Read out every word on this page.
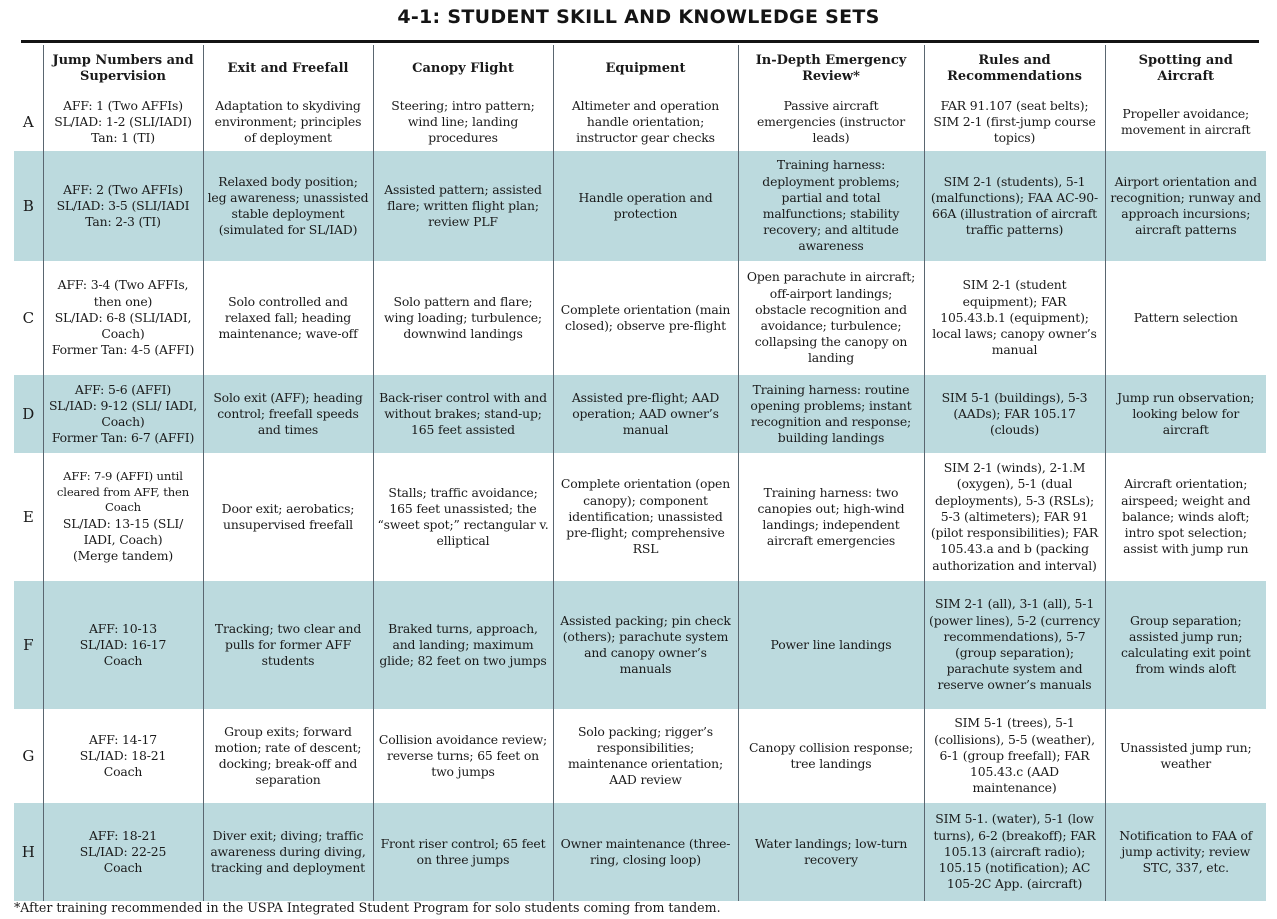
4-1: STUDENT SKILL AND KNOWLEDGE SETS
	Jump Numbers and Supervision	Exit and Freefall	Canopy Flight	Equipment	In-Depth Emergency Review*	Rules and Recommendations	Spotting and Aircraft
A	AFF: 1 (Two AFFIs)
SL/IAD: 1-2 (SLI/IADI)
Tan: 1 (TI)	Adaptation to skydiving environment; principles of deployment	Steering; intro pattern; wind line; landing procedures	Altimeter and operation handle orientation; instructor gear checks	Passive aircraft emergencies (instructor leads)	FAR 91.107 (seat belts); SIM 2-1 (first-jump course topics)	Propeller avoidance; movement in aircraft
B	AFF: 2 (Two AFFIs)
SL/IAD: 3-5 (SLI/IADI
Tan: 2-3 (TI)	Relaxed body position; leg awareness; unassisted stable deployment (simulated for SL/IAD)	Assisted pattern; assisted flare; written flight plan; review PLF	Handle operation and protection	Training harness: deployment problems; partial and total malfunctions; stability recovery; and altitude awareness	SIM 2-1 (students), 5-1 (malfunctions); FAA AC-90-66A (illustration of aircraft traffic patterns)	Airport orientation and recognition; runway and approach incursions; aircraft patterns
C	AFF: 3-4 (Two AFFIs, then one)
SL/IAD: 6-8 (SLI/IADI, Coach)
Former Tan: 4-5 (AFFI)	Solo controlled and relaxed fall; heading maintenance; wave-off	Solo pattern and flare; wing loading; turbulence; downwind landings	Complete orientation (main closed); observe pre-flight	Open parachute in aircraft; off-airport landings; obstacle recognition and avoidance; turbulence; collapsing the canopy on landing	SIM 2-1 (student equipment); FAR 105.43.b.1 (equipment); local laws; canopy owner’s manual	Pattern selection
D	AFF: 5-6 (AFFI)
SL/IAD: 9-12 (SLI/ IADI, Coach)
Former Tan: 6-7 (AFFI)	Solo exit (AFF); heading control; freefall speeds and times	Back-riser control with and without brakes; stand-up; 165 feet assisted	Assisted pre-flight; AAD operation; AAD owner’s manual	Training harness: routine opening problems; instant recognition and response; building landings	SIM 5-1 (buildings), 5-3 (AADs); FAR 105.17 (clouds)	Jump run observation; looking below for aircraft
E	AFF: 7-9 (AFFI) until cleared from AFF, then Coach
SL/IAD: 13-15 (SLI/ IADI, Coach)
(Merge tandem)	Door exit; aerobatics; unsupervised freefall	Stalls; traffic avoidance; 165 feet unassisted; the “sweet spot;” rectangular v. elliptical	Complete orientation (open canopy); component identification; unassisted pre-flight; comprehensive RSL	Training harness: two canopies out; high-wind landings; independent aircraft emergencies	SIM 2-1 (winds), 2-1.M (oxygen), 5-1 (dual deployments), 5-3 (RSLs); 5-3 (altimeters); FAR 91 (pilot responsibilities); FAR 105.43.a and b (packing authorization and interval)	Aircraft orientation; airspeed; weight and balance; winds aloft; intro spot selection; assist with jump run
F	AFF: 10-13
SL/IAD: 16-17
Coach	Tracking; two clear and pulls for former AFF students	Braked turns, approach, and landing; maximum glide; 82 feet on two jumps	Assisted packing; pin check (others); parachute system and canopy owner’s manuals	Power line landings	SIM 2-1 (all), 3-1 (all), 5-1 (power lines), 5-2 (currency recommendations), 5-7 (group separation); parachute system and reserve owner’s manuals	Group separation; assisted jump run; calculating exit point from winds aloft
G	AFF: 14-17
SL/IAD: 18-21
Coach	Group exits; forward motion; rate of descent; docking; break-off and separation	Collision avoidance review; reverse turns; 65 feet on two jumps	Solo packing; rigger’s responsibilities; maintenance orientation; AAD review	Canopy collision response; tree landings	SIM 5-1 (trees), 5-1 (collisions), 5-5 (weather), 6-1 (group freefall); FAR 105.43.c (AAD maintenance)	Unassisted jump run; weather
H	AFF: 18-21
SL/IAD: 22-25
Coach	Diver exit; diving; traffic awareness during diving, tracking and deployment	Front riser control; 65 feet on three jumps	Owner maintenance (three-ring, closing loop)	Water landings; low-turn recovery	SIM 5-1. (water), 5-1 (low turns), 6-2 (breakoff); FAR 105.13 (aircraft radio); 105.15 (notification); AC 105-2C App. (aircraft)	Notification to FAA of jump activity; review STC, 337, etc.
*After training recommended in the USPA Integrated Student Program for solo students coming from tandem.
